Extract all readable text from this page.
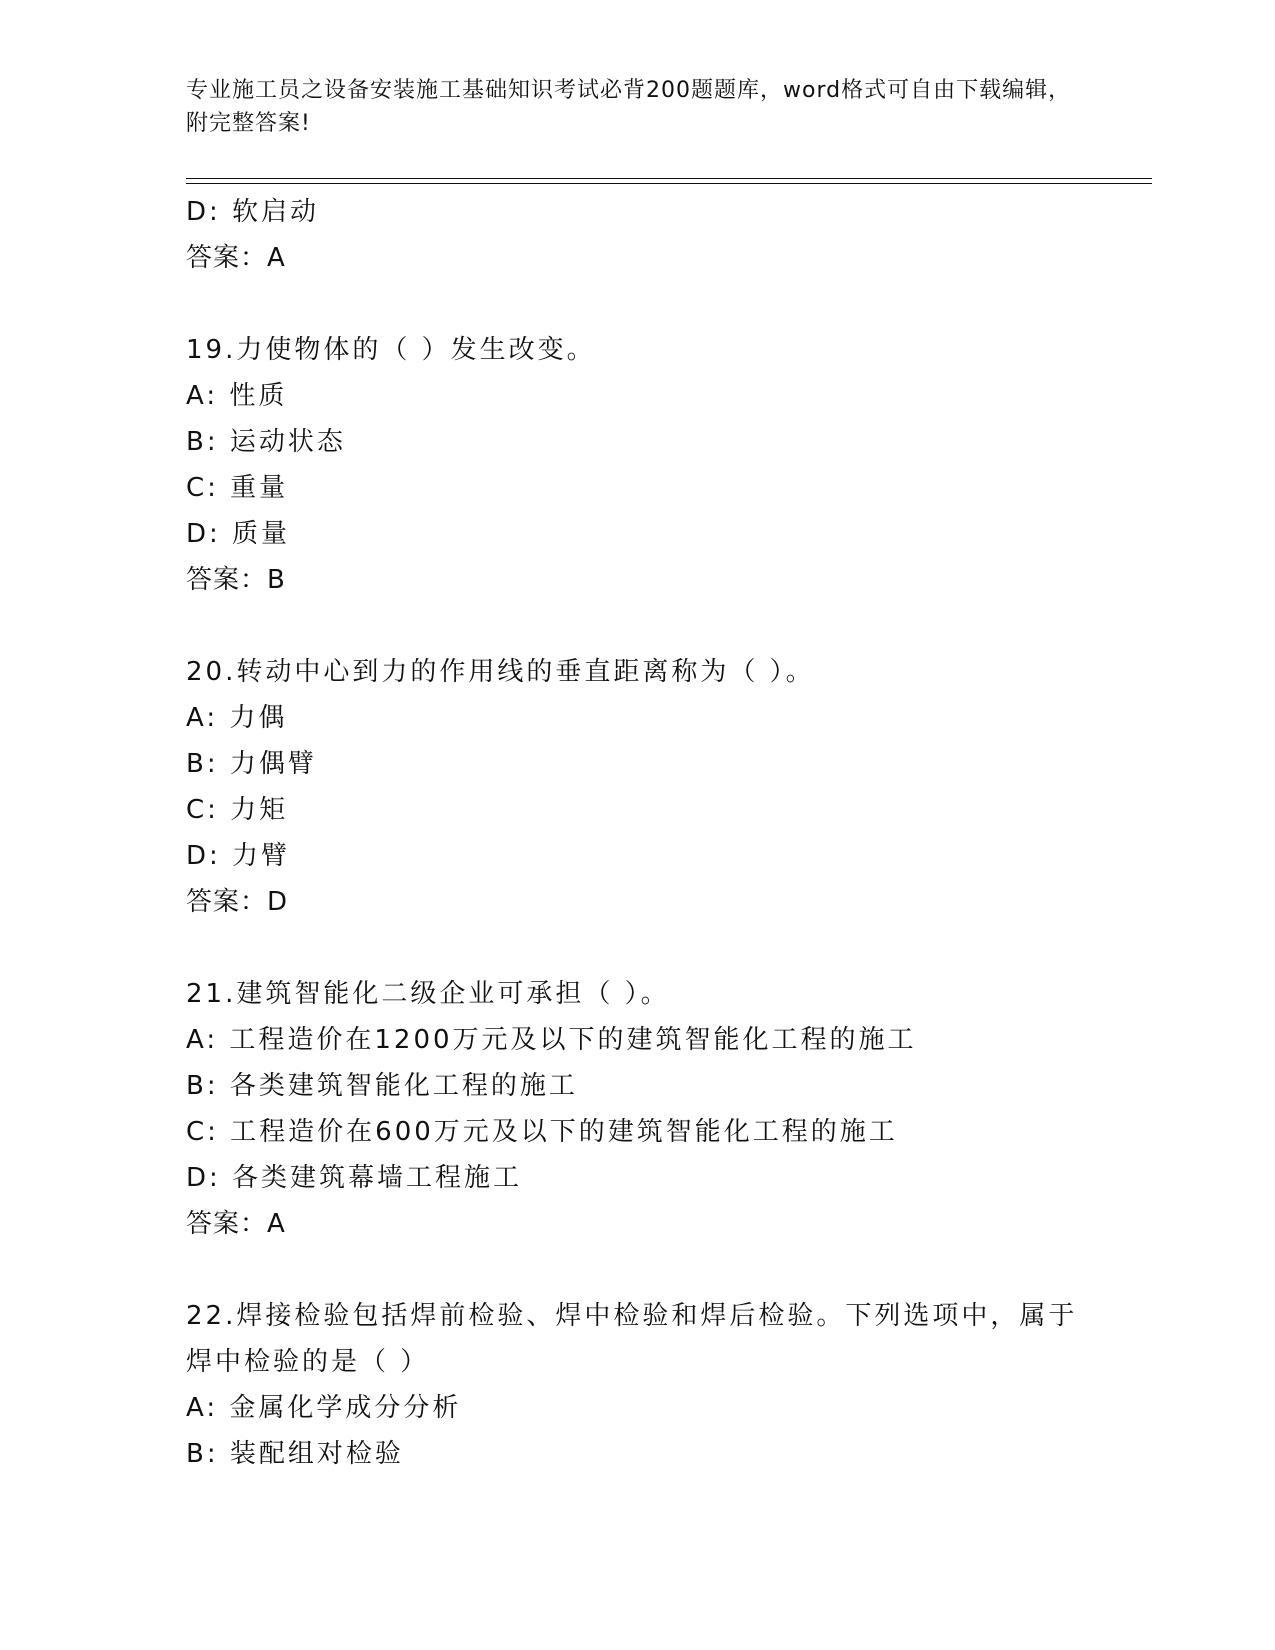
专业施工员之设备安装施工基础知识考试必背200题题库，word格式可自由下载编辑，附完整答案!
D: 软启动
答案：A
19.力使物体的（ ）发生改变。
A: 性质
B: 运动状态
C: 重量
D: 质量
答案：B
20.转动中心到力的作用线的垂直距离称为（ ）。
A: 力偶
B: 力偶臂
C: 力矩
D: 力臂
答案：D
21.建筑智能化二级企业可承担（ ）。
A: 工程造价在1200万元及以下的建筑智能化工程的施工
B: 各类建筑智能化工程的施工
C: 工程造价在600万元及以下的建筑智能化工程的施工
D: 各类建筑幕墙工程施工
答案：A
22.焊接检验包括焊前检验、焊中检验和焊后检验。下列选项中，属于焊中检验的是（ ）
A: 金属化学成分分析
B: 装配组对检验
